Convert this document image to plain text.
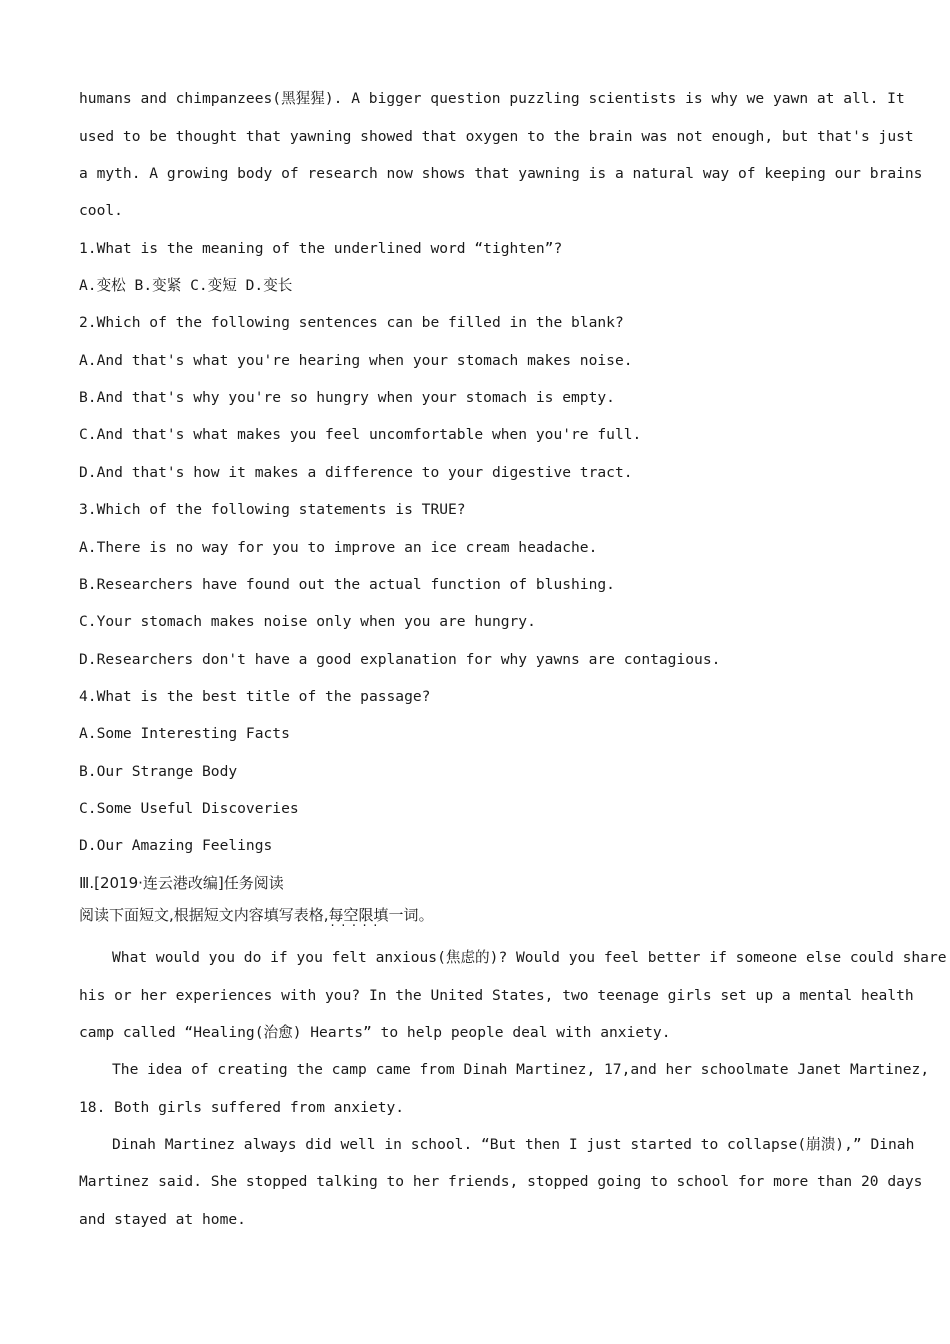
humans and chimpanzees(黑猩猩). A bigger question puzzling scientists is why we yawn at all. It
used to be thought that yawning showed that oxygen to the brain was not enough, but that's just
a myth. A growing body of research now shows that yawning is a natural way of keeping our brains
cool.
1.What is the meaning of the underlined word “tighten”?
A.变松 B.变紧 C.变短 D.变长
2.Which of the following sentences can be filled in the blank?
A.And that's what you're hearing when your stomach makes noise.
B.And that's why you're so hungry when your stomach is empty.
C.And that's what makes you feel uncomfortable when you're full.
D.And that's how it makes a difference to your digestive tract.
3.Which of the following statements is TRUE?
A.There is no way for you to improve an ice cream headache.
B.Researchers have found out the actual function of blushing.
C.Your stomach makes noise only when you are hungry.
D.Researchers don't have a good explanation for why yawns are contagious.
4.What is the best title of the passage?
A.Some Interesting Facts
B.Our Strange Body
C.Some Useful Discoveries
D.Our Amazing Feelings
Ⅲ.[2019·连云港改编]任务阅读
阅读下面短文,根据短文内容填写表格,每空限填一词 · · ·。
What would you do if you felt anxious(焦虑的)? Would you feel better if someone else could share
his or her experiences with you? In the United States, two teenage girls set up a mental health
camp called “Healing(治愈) Hearts” to help people deal with anxiety.
The idea of creating the camp came from Dinah Martinez, 17,and her schoolmate Janet Martinez,
18. Both girls suffered from anxiety.
Dinah Martinez always did well in school. “But then I just started to collapse(崩溃),” Dinah
Martinez said. She stopped talking to her friends, stopped going to school for more than 20 days
and stayed at home.
